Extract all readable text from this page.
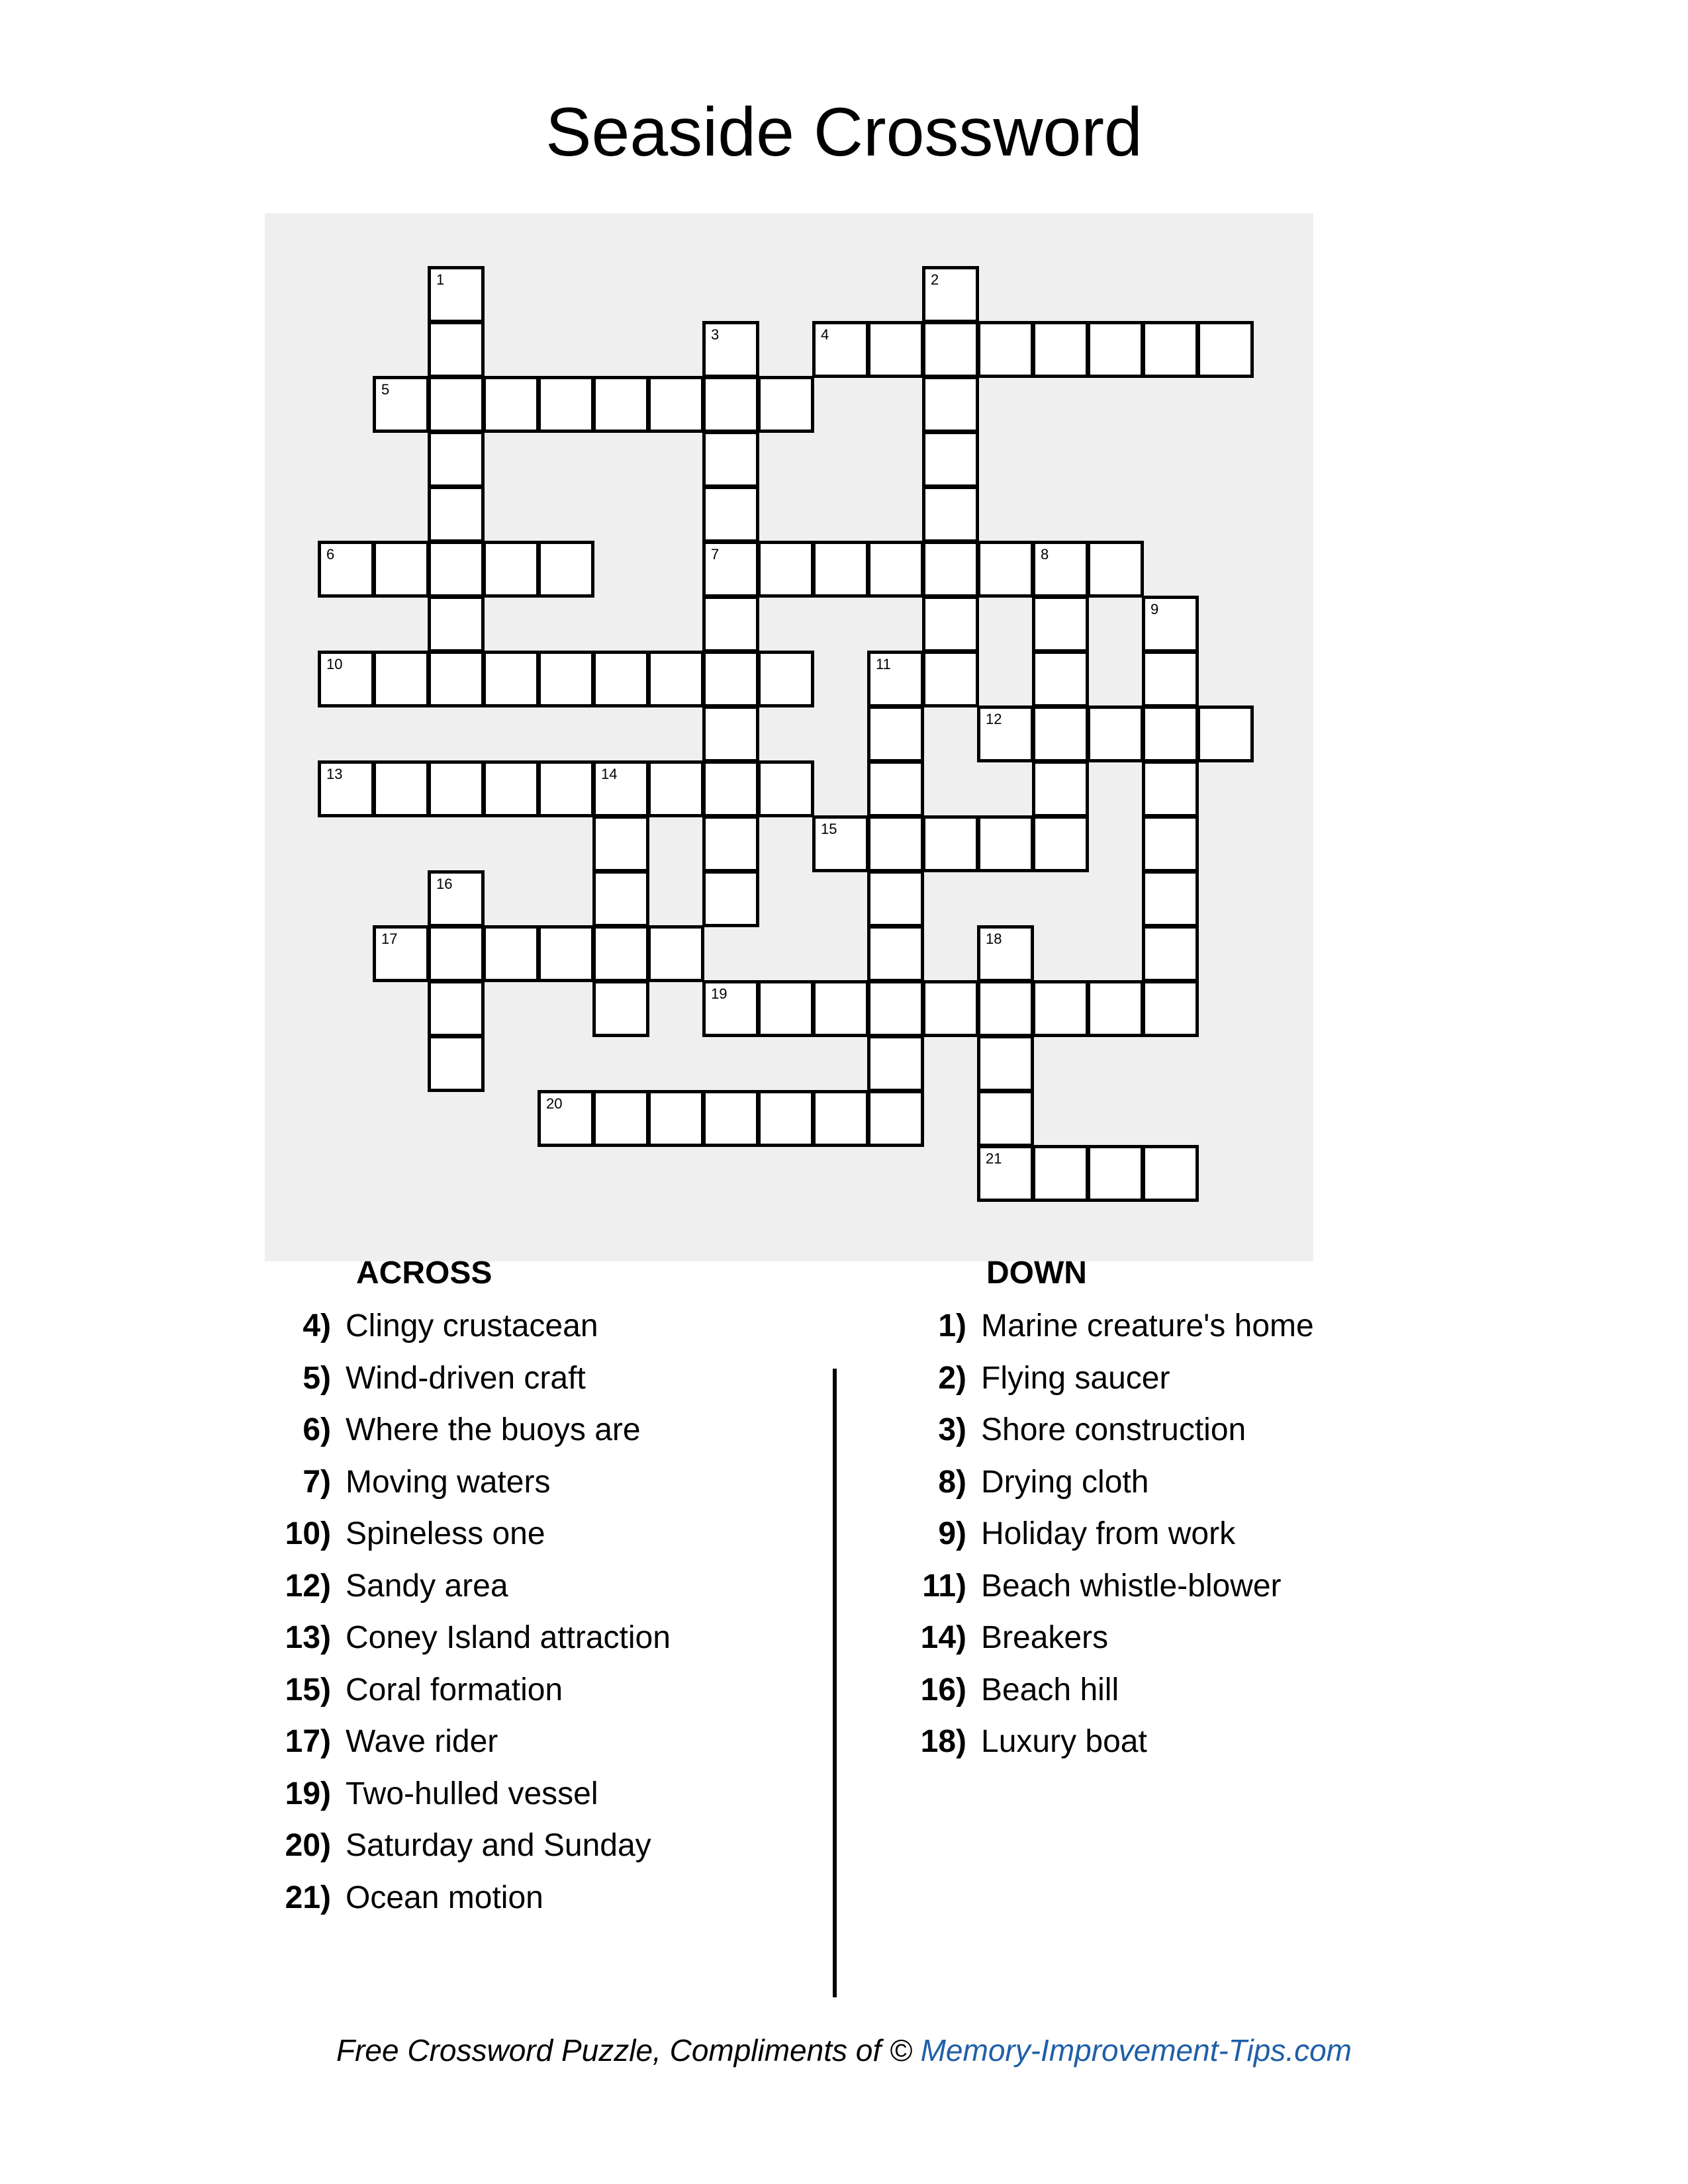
Seaside Crossword
1	2
3
7
4
5
6	8
9
10	11
12
13	14
15
16
17	18
21
19
20
ACROSS
4) Clingy crustacean
5) Wind-driven craft
6) Where the buoys are
7) Moving waters
10) Spineless one
12) Sandy area
13) Coney Island attraction
15) Coral formation
17) Wave rider
19) Two-hulled vessel
20) Saturday and Sunday
21) Ocean motion
DOWN
1) Marine creature's home
2) Flying saucer
3) Shore construction
8) Drying cloth
9) Holiday from work
11) Beach whistle-blower
14) Breakers
16) Beach hill
18) Luxury boat
Free Crossword Puzzle, Compliments of © Memory-Improvement-Tips.com
